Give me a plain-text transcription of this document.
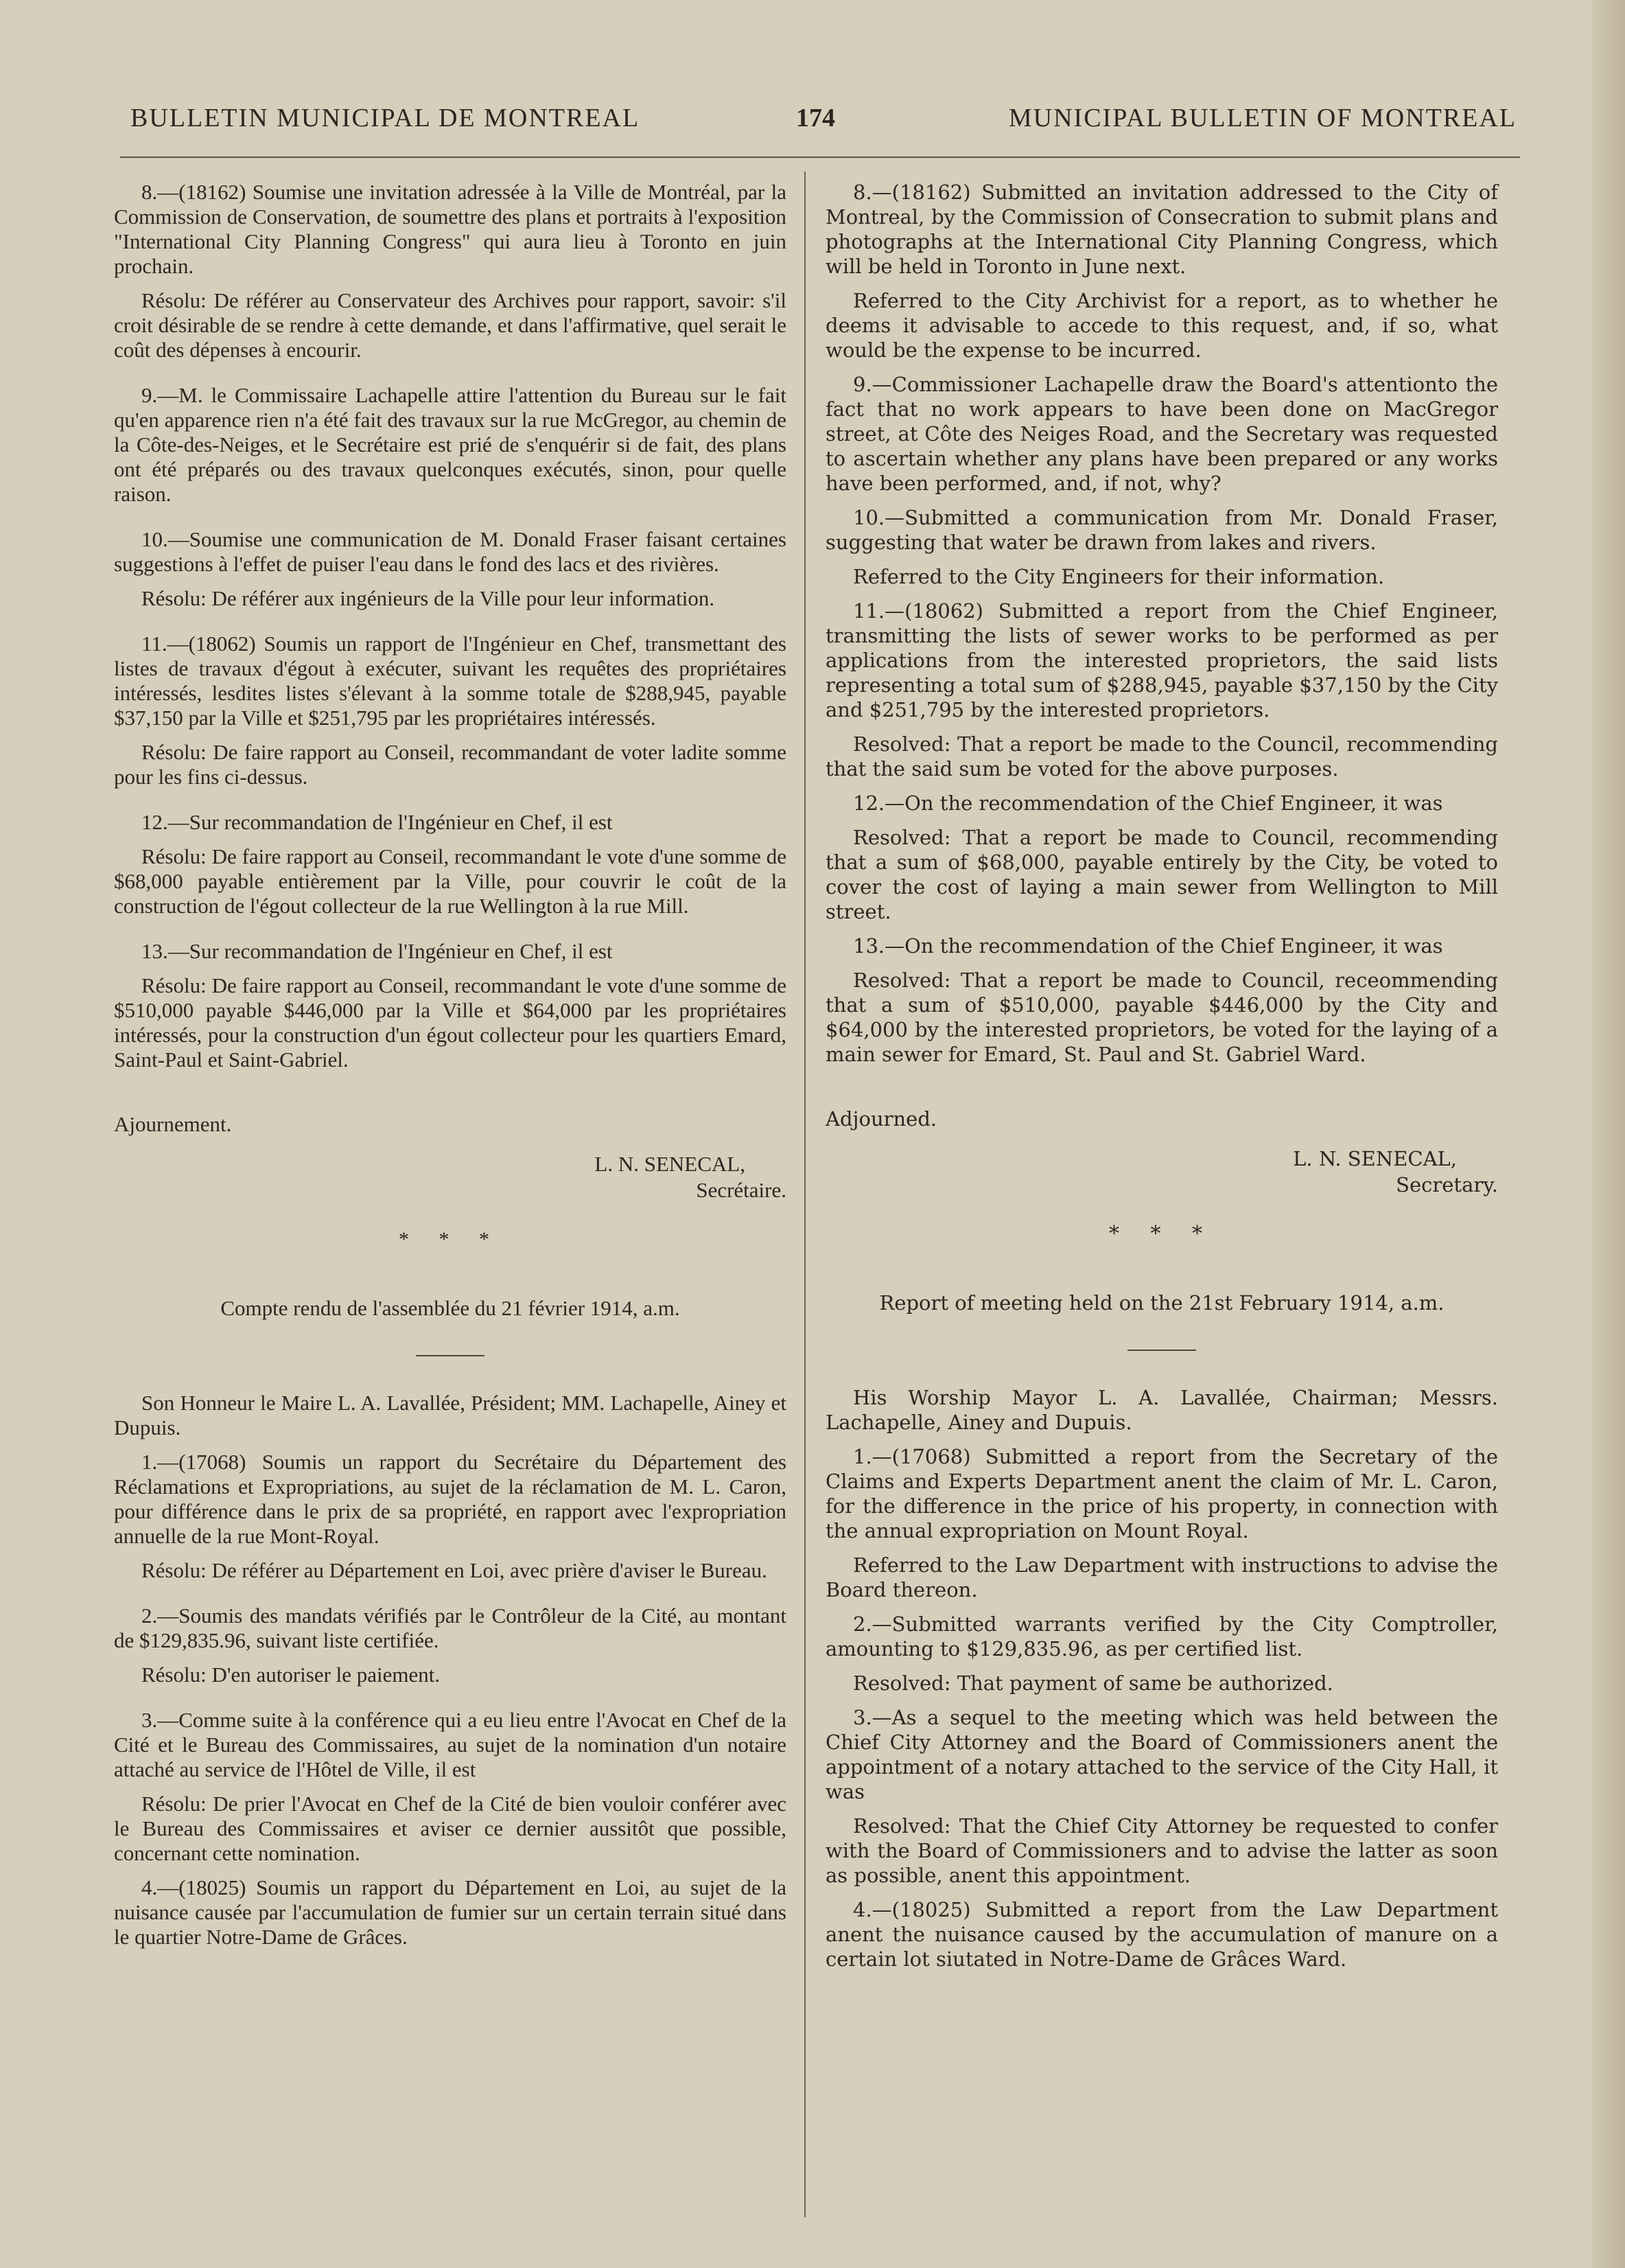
BULLETIN MUNICIPAL DE MONTREAL	174	MUNICIPAL BULLETIN OF MONTREAL

8.—(18162) Soumise une invitation adressée à la Ville de Montréal, par la Commission de Conservation, de soumettre des plans et portraits à l'exposition "International City Planning Congress" qui aura lieu à Toronto en juin prochain.

Résolu: De référer au Conservateur des Archives pour rapport, savoir: s'il croit désirable de se rendre à cette demande, et dans l'affirmative, quel serait le coût des dépenses à encourir.

9.—M. le Commissaire Lachapelle attire l'attention du Bureau sur le fait qu'en apparence rien n'a été fait des travaux sur la rue McGregor, au chemin de la Côte-des-Neiges, et le Secrétaire est prié de s'enquérir si de fait, des plans ont été préparés ou des travaux quelconques exécutés, sinon, pour quelle raison.

10.—Soumise une communication de M. Donald Fraser faisant certaines suggestions à l'effet de puiser l'eau dans le fond des lacs et des rivières.

Résolu: De référer aux ingénieurs de la Ville pour leur information.

11.—(18062) Soumis un rapport de l'Ingénieur en Chef, transmettant des listes de travaux d'égout à exécuter, suivant les requêtes des propriétaires intéressés, lesdites listes s'élevant à la somme totale de $288,945, payable $37,150 par la Ville et $251,795 par les propriétaires intéressés.

Résolu: De faire rapport au Conseil, recommandant de voter ladite somme pour les fins ci-dessus.

12.—Sur recommandation de l'Ingénieur en Chef, il est

Résolu: De faire rapport au Conseil, recommandant le vote d'une somme de $68,000 payable entièrement par la Ville, pour couvrir le coût de la construction de l'égout collecteur de la rue Wellington à la rue Mill.

13.—Sur recommandation de l'Ingénieur en Chef, il est

Résolu: De faire rapport au Conseil, recommandant le vote d'une somme de $510,000 payable $446,000 par la Ville et $64,000 par les propriétaires intéressés, pour la construction d'un égout collecteur pour les quartiers Emard, Saint-Paul et Saint-Gabriel.

Ajournement.

L. N. SENECAL,
Secrétaire.
* * *

Compte rendu de l'assemblée du 21 février 1914, a.m.

Son Honneur le Maire L. A. Lavallée, Président; MM. Lachapelle, Ainey et Dupuis.

1.—(17068) Soumis un rapport du Secrétaire du Département des Réclamations et Expropriations, au sujet de la réclamation de M. L. Caron, pour différence dans le prix de sa propriété, en rapport avec l'expropriation annuelle de la rue Mont-Royal.

Résolu: De référer au Département en Loi, avec prière d'aviser le Bureau.

2.—Soumis des mandats vérifiés par le Contrôleur de la Cité, au montant de $129,835.96, suivant liste certifiée.

Résolu: D'en autoriser le paiement.

3.—Comme suite à la conférence qui a eu lieu entre l'Avocat en Chef de la Cité et le Bureau des Commissaires, au sujet de la nomination d'un notaire attaché au service de l'Hôtel de Ville, il est

Résolu: De prier l'Avocat en Chef de la Cité de bien vouloir conférer avec le Bureau des Commissaires et aviser ce dernier aussitôt que possible, concernant cette nomination.

4.—(18025) Soumis un rapport du Département en Loi, au sujet de la nuisance causée par l'accumulation de fumier sur un certain terrain situé dans le quartier Notre-Dame de Grâces.

8.—(18162) Submitted an invitation addressed to the City of Montreal, by the Commission of Consecration to submit plans and photographs at the International City Planning Congress, which will be held in Toronto in June next.

Referred to the City Archivist for a report, as to whether he deems it advisable to accede to this request, and, if so, what would be the expense to be incurred.

9.—Commissioner Lachapelle draw the Board's attentionto the fact that no work appears to have been done on MacGregor street, at Côte des Neiges Road, and the Secretary was requested to ascertain whether any plans have been prepared or any works have been performed, and, if not, why?

10.—Submitted a communication from Mr. Donald Fraser, suggesting that water be drawn from lakes and rivers.

Referred to the City Engineers for their information.

11.—(18062) Submitted a report from the Chief Engineer, transmitting the lists of sewer works to be performed as per applications from the interested proprietors, the said lists representing a total sum of $288,945, payable $37,150 by the City and $251,795 by the interested proprietors.

Resolved: That a report be made to the Council, recommending that the said sum be voted for the above purposes.

12.—On the recommendation of the Chief Engineer, it was

Resolved: That a report be made to Council, recommending that a sum of $68,000, payable entirely by the City, be voted to cover the cost of laying a main sewer from Wellington to Mill street.

13.—On the recommendation of the Chief Engineer, it was

Resolved: That a report be made to Council, receommending that a sum of $510,000, payable $446,000 by the City and $64,000 by the interested proprietors, be voted for the laying of a main sewer for Emard, St. Paul and St. Gabriel Ward.

Adjourned.

L. N. SENECAL,
Secretary.
* * *

Report of meeting held on the 21st February 1914, a.m.

His Worship Mayor L. A. Lavallée, Chairman; Messrs. Lachapelle, Ainey and Dupuis.

1.—(17068) Submitted a report from the Secretary of the Claims and Experts Department anent the claim of Mr. L. Caron, for the difference in the price of his property, in connection with the annual expropriation on Mount Royal.

Referred to the Law Department with instructions to advise the Board thereon.

2.—Submitted warrants verified by the City Comptroller, amounting to $129,835.96, as per certified list.

Resolved: That payment of same be authorized.

3.—As a sequel to the meeting which was held between the Chief City Attorney and the Board of Commissioners anent the appointment of a notary attached to the service of the City Hall, it was

Resolved: That the Chief City Attorney be requested to confer with the Board of Commissioners and to advise the latter as soon as possible, anent this appointment.

4.—(18025) Submitted a report from the Law Department anent the nuisance caused by the accumulation of manure on a certain lot siutated in Notre-Dame de Grâces Ward.
